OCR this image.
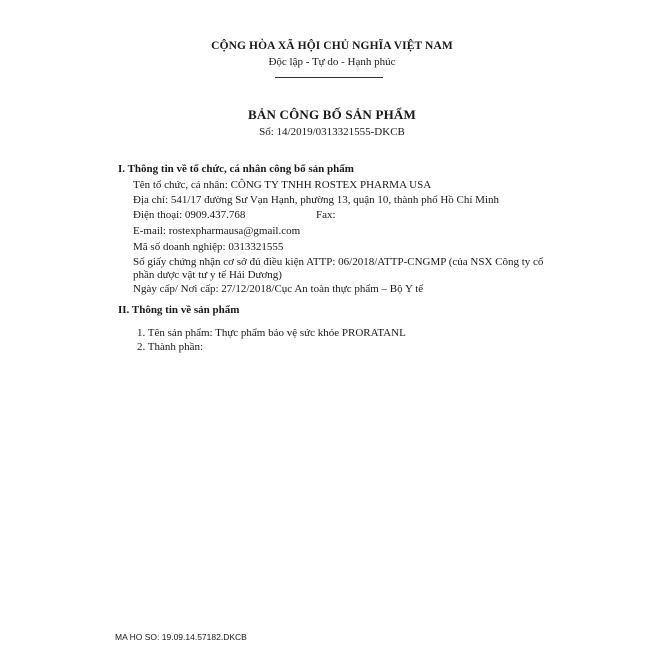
CỘNG HÒA XÃ HỘI CHỦ NGHĨA VIỆT NAM
Độc lập - Tự do - Hạnh phúc
BẢN CÔNG BỐ SẢN PHẨM
Số: 14/2019/0313321555-DKCB
I. Thông tin về tổ chức, cá nhân công bố sản phẩm
Tên tổ chức, cá nhân: CÔNG TY TNHH ROSTEX PHARMA USA
Địa chỉ: 541/17 đường Sư Vạn Hạnh, phường 13, quận 10, thành phố Hồ Chí Minh
Điện thoại: 0909.437.768	Fax:
E-mail: rostexpharmausa@gmail.com
Mã số doanh nghiệp: 0313321555
Số giấy chứng nhận cơ sở đủ điều kiện ATTP: 06/2018/ATTP-CNGMP (của NSX Công ty cổ
phần dược vật tư y tế Hải Dương)
Ngày cấp/ Nơi cấp: 27/12/2018/Cục An toàn thực phẩm – Bộ Y tế
II. Thông tin về sản phẩm
1. Tên sản phẩm: Thực phẩm bảo vệ sức khỏe PRORATANL
2. Thành phần:
MA HO SO: 19.09.14.57182.DKCB
